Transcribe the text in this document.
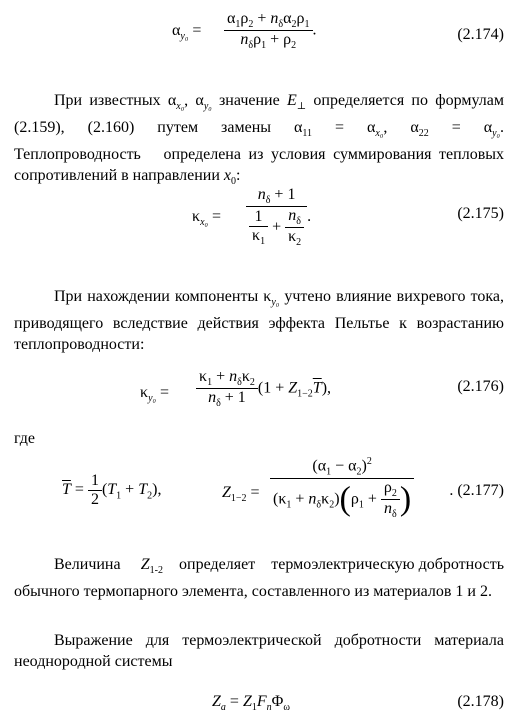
$\alpha_{y_0} = \frac{\alpha_1\rho_2 + n_\delta\alpha_2\rho_1}{n_\delta\rho_1 + \rho_2}$ .	(2.174)
При известных $\alpha_{x_0}$, $\alpha_{y_0}$ значение $E_\perp$ определяется по формулам (2.159), (2.160) путем замены $\alpha_{11} = \alpha_{x_0}$, $\alpha_{22} = \alpha_{y_0}$. Теплопроводность   определена из условия суммирования тепловых сопротивлений в направлении $x_0$:
$\kappa_{x_0} = \frac{n_\delta + 1}{\frac{1}{\kappa_1} + \frac{n_\delta}{\kappa_2}}$ .	(2.175)
При нахождении компоненты $\kappa_{y_0}$ учтено влияние вихревого тока, приводящего вследствие действия эффекта Пельтье к возрастанию теплопроводности:
$\kappa_{y_0} = \frac{\kappa_1 + n_\delta\kappa_2}{n_\delta + 1} (1 + Z_{1-2}\overline{T})$,	(2.176)
где
$\overline{T} = \frac{1}{2} (T_1 + T_2)$,	$Z_{1-2} = \frac{(\alpha_1 - \alpha_2)^2}{(\kappa_1 + n_\delta\kappa_2)(\rho_1 + \frac{\rho_2}{n_\delta} )}$ . (2.177)
Величина     $Z_{1-2}$    определяет    термоэлектрическую добротность обычного термопарного элемента, составленного из материалов 1 и 2.
Выражение для термоэлектрической добротности материала неоднородной системы
$Z_a = Z_1F_n\Phi_\omega$	(2.178)
